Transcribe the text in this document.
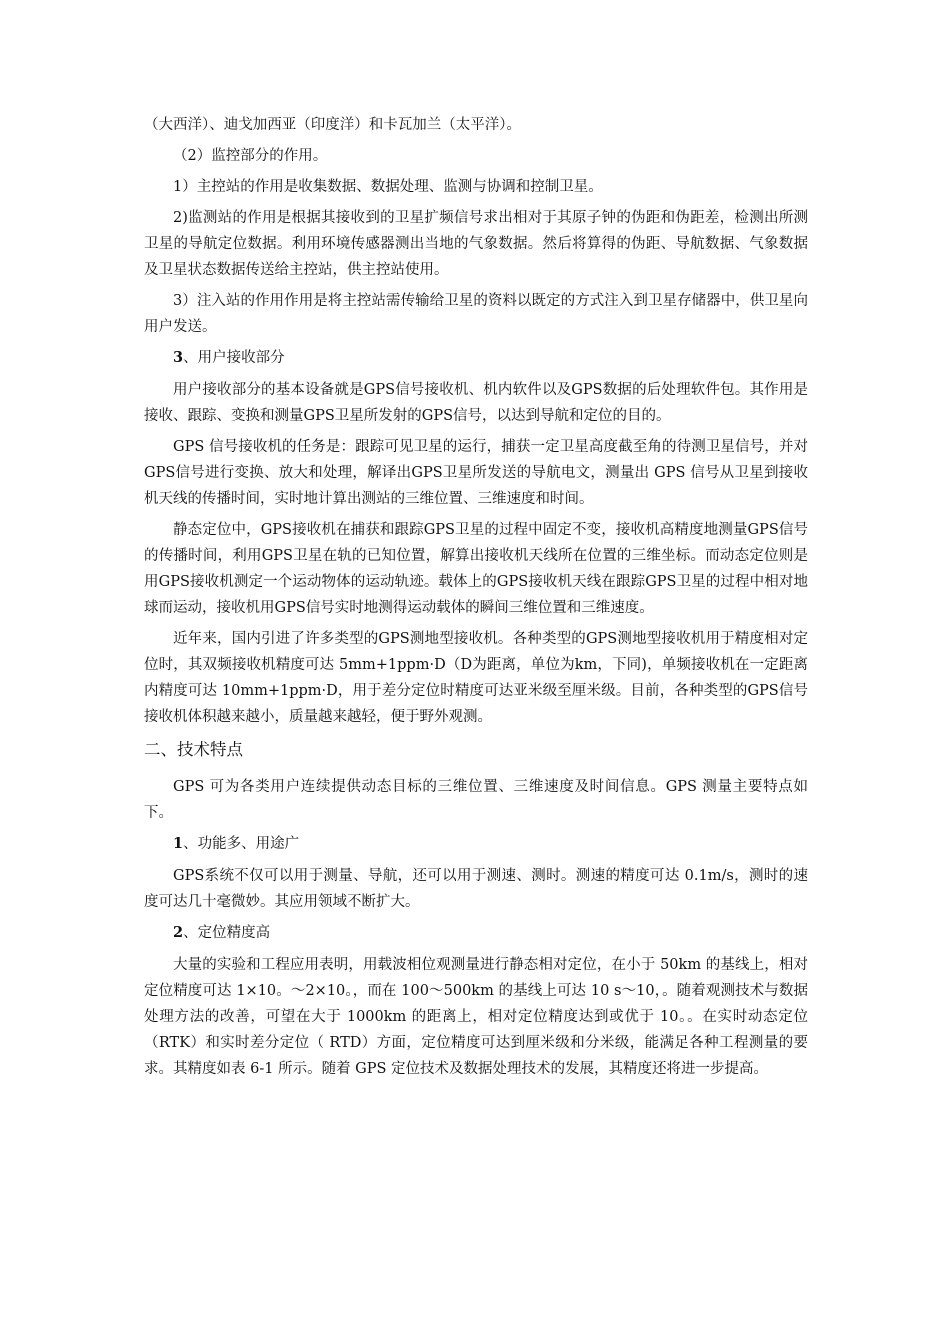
（大西洋）、迪戈加西亚（印度洋）和卡瓦加兰（太平洋）。

（2）监控部分的作用。

1）主控站的作用是收集数据、数据处理、监测与协调和控制卫星。

2)监测站的作用是根据其接收到的卫星扩频信号求出相对于其原子钟的伪距和伪距差，检测出所测卫星的导航定位数据。利用环境传感器测出当地的气象数据。然后将算得的伪距、导航数据、气象数据及卫星状态数据传送给主控站，供主控站使用。

3）注入站的作用作用是将主控站需传输给卫星的资料以既定的方式注入到卫星存储器中，供卫星向用户发送。

3、用户接收部分

用户接收部分的基本设备就是GPS信号接收机、机内软件以及GPS数据的后处理软件包。其作用是接收、跟踪、变换和测量GPS卫星所发射的GPS信号，以达到导航和定位的目的。

GPS 信号接收机的任务是：跟踪可见卫星的运行，捕获一定卫星高度截至角的待测卫星信号，并对GPS信号进行变换、放大和处理，解译出GPS卫星所发送的导航电文，测量出 GPS 信号从卫星到接收机天线的传播时间，实时地计算出测站的三维位置、三维速度和时间。

静态定位中，GPS接收机在捕获和跟踪GPS卫星的过程中固定不变，接收机高精度地测量GPS信号的传播时间，利用GPS卫星在轨的已知位置，解算出接收机天线所在位置的三维坐标。而动态定位则是用GPS接收机测定一个运动物体的运动轨迹。载体上的GPS接收机天线在跟踪GPS卫星的过程中相对地球而运动，接收机用GPS信号实时地测得运动载体的瞬间三维位置和三维速度。

近年来，国内引进了许多类型的GPS测地型接收机。各种类型的GPS测地型接收机用于精度相对定位时，其双频接收机精度可达 5mm+1ppm·D（D为距离，单位为km，下同)，单频接收机在一定距离内精度可达 10mm+1ppm·D，用于差分定位时精度可达亚米级至厘米级。目前，各种类型的GPS信号接收机体积越来越小，质量越来越轻，便于野外观测。

二、技术特点

GPS 可为各类用户连续提供动态目标的三维位置、三维速度及时间信息。GPS 测量主要特点如下。

1、功能多、用途广

GPS系统不仅可以用于测量、导航，还可以用于测速、测时。测速的精度可达 0.1m/s，测时的速度可达几十毫微妙。其应用领域不断扩大。

2、定位精度高

大量的实验和工程应用表明，用载波相位观测量进行静态相对定位，在小于 50km 的基线上，相对定位精度可达 1×10。～2×10。，而在 100～500km 的基线上可达 10 s～10，。随着观测技术与数据处理方法的改善，可望在大于 1000km 的距离上，相对定位精度达到或优于 10。。在实时动态定位（RTK）和实时差分定位（ RTD）方面，定位精度可达到厘米级和分米级，能满足各种工程测量的要求。其精度如表 6-1 所示。随着 GPS 定位技术及数据处理技术的发展，其精度还将进一步提高。
